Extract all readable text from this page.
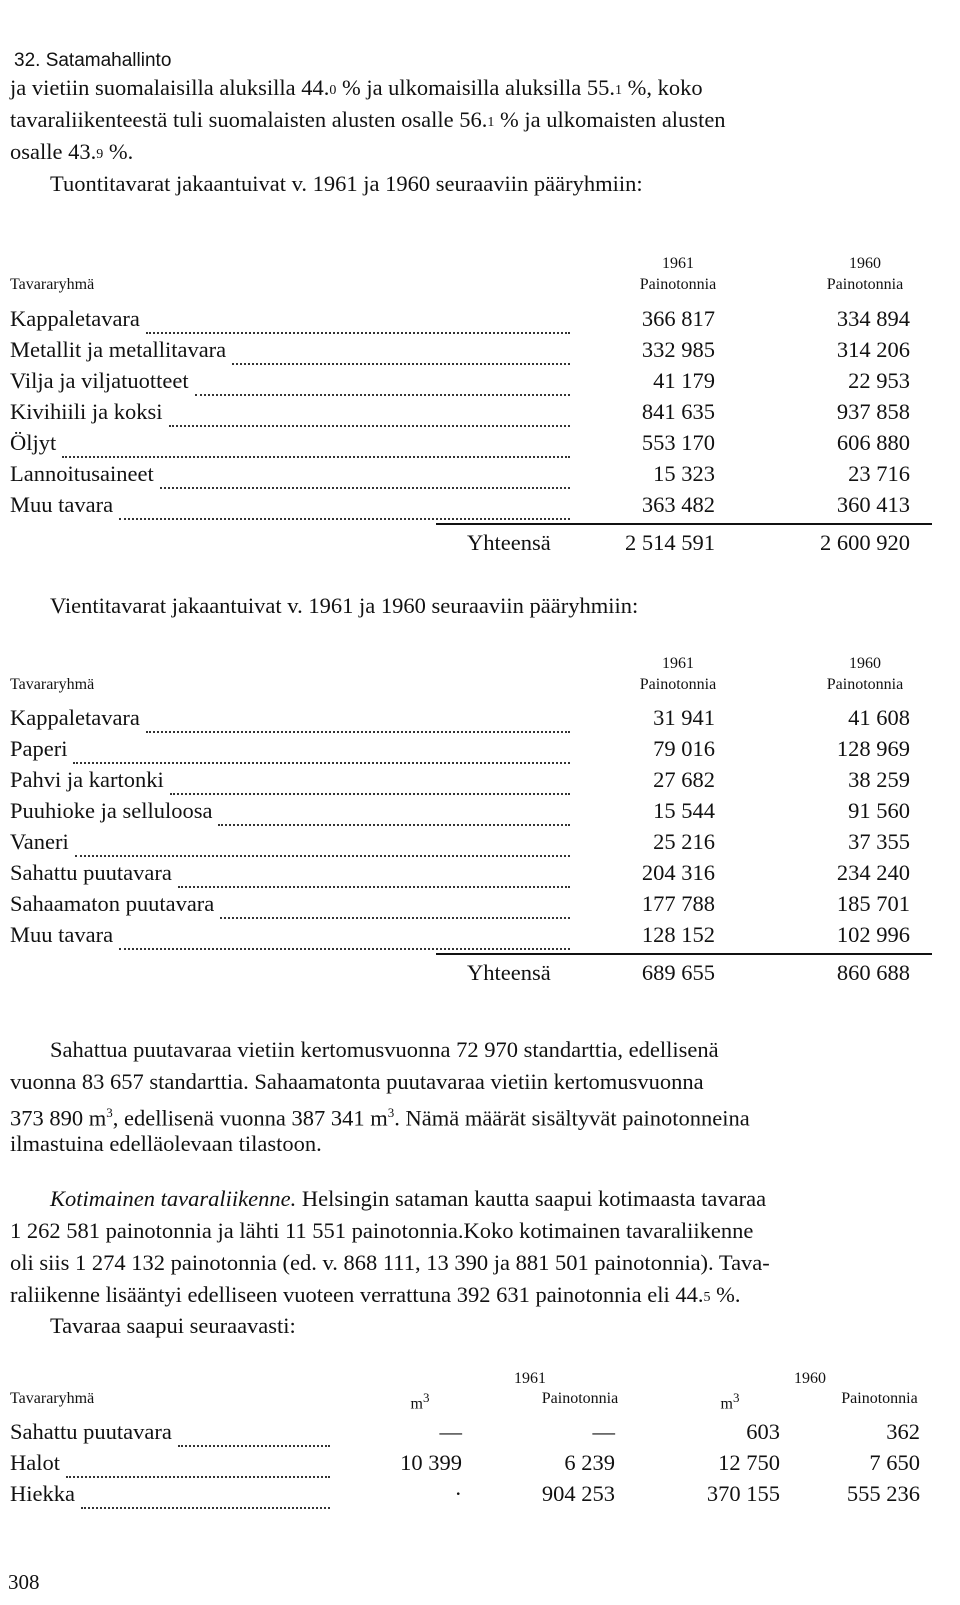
32. Satamahallinto
ja vietiin suomalaisilla aluksilla 44.0 % ja ulkomaisilla aluksilla 55.1 %, koko
tavaraliikenteestä tuli suomalaisten alusten osalle 56.1 % ja ulkomaisten alusten
osalle 43.9 %.
Tuontitavarat jakaantuivat v. 1961 ja 1960 seuraaviin pääryhmiin:
1961	1960
Tavararyhmä	Painotonnia	Painotonnia
Kappaletavara	366 817	334 894
Metallit ja metallitavara	332 985	314 206
Vilja ja viljatuotteet	41 179	22 953
Kivihiili ja koksi	841 635	937 858
Öljyt	553 170	606 880
Lannoitusaineet	15 323	23 716
Muu tavara	363 482	360 413
Yhteensä	2 514 591	2 600 920
Vientitavarat jakaantuivat v. 1961 ja 1960 seuraaviin pääryhmiin:
1961	1960
Tavararyhmä	Painotonnia	Painotonnia
Kappaletavara	31 941	41 608
Paperi	79 016	128 969
Pahvi ja kartonki	27 682	38 259
Puuhioke ja selluloosa	15 544	91 560
Vaneri	25 216	37 355
Sahattu puutavara	204 316	234 240
Sahaamaton puutavara	177 788	185 701
Muu tavara	128 152	102 996
Yhteensä	689 655	860 688
Sahattua puutavaraa vietiin kertomusvuonna 72 970 standarttia, edellisenä
vuonna 83 657 standarttia. Sahaamatonta puutavaraa vietiin kertomusvuonna
373 890 $m^3$, edellisenä vuonna 387 341 $m^3$. Nämä määrät sisältyvät painotonneina
ilmastuina edelläolevaan tilastoon.
Kotimainen tavaraliikenne. Helsingin sataman kautta saapui kotimaasta tavaraa
1 262 581 painotonnia ja lähti 11 551 painotonnia.Koko kotimainen tavaraliikenne
oli siis 1 274 132 painotonnia (ed. v. 868 111, 13 390 ja 881 501 painotonnia). Tava-
raliikenne lisääntyi edelliseen vuoteen verrattuna 392 631 painotonnia eli 44.5 %.
Tavaraa saapui seuraavasti:
1961	1960
Tavararyhmä	$m^3$	Painotonnia	$m^3$	Painotonnia
Sahattu puutavara	—	—	603	362
Halot	10 399	6 239	12 750	7 650
Hiekka	·	904 253	370 155	555 236
308
